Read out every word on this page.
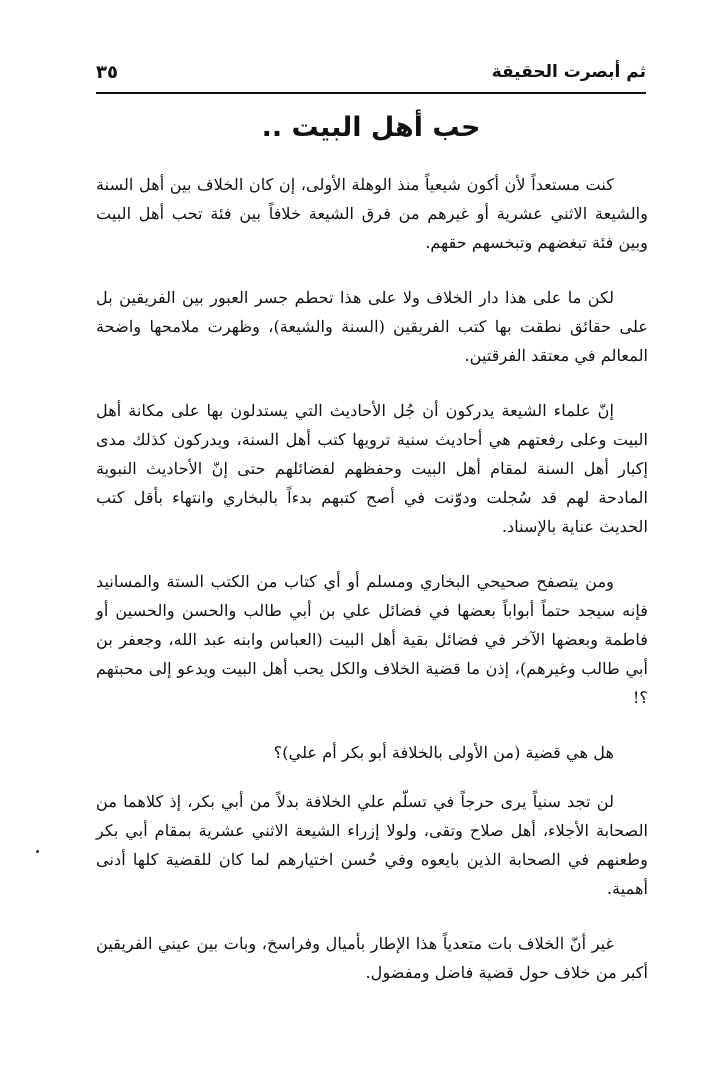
ثم أبصرت الحقيقة
٣٥
حب أهل البيت ..

كنت مستعداً لأن أكون شيعياً منذ الوهلة الأولى، إن كان الخلاف بين أهل السنة والشيعة الاثني عشرية أو غيرهم من فرق الشيعة خلافاً بين فئة تحب أهل البيت وبين فئة تبغضهم وتبخسهم حقهم.

لكن ما على هذا دار الخلاف ولا على هذا تحطم جسر العبور بين الفريقين بل على حقائق نطقت بها كتب الفريقين (السنة والشيعة)، وظهرت ملامحها واضحة المعالم في معتقد الفرقتين.

إنّ علماء الشيعة يدركون أن جُل الأحاديث التي يستدلون بها على مكانة أهل البيت وعلى رفعتهم هي أحاديث سنية ترويها كتب أهل السنة، ويدركون كذلك مدى إكبار أهل السنة لمقام أهل البيت وحفظهم لفضائلهم حتى إنّ الأحاديث النبوية المادحة لهم قد سُجلت ودوّنت في أصح كتبهم بدءاً بالبخاري وانتهاء بأقل كتب الحديث عناية بالإسناد.

ومن يتصفح صحيحي البخاري ومسلم أو أي كتاب من الكتب الستة والمسانيد فإنه سيجد حتماً أبواباً بعضها في فضائل علي بن أبي طالب والحسن والحسين أو فاطمة وبعضها الآخر في فضائل بقية أهل البيت (العباس وابنه عبد الله، وجعفر بن أبي طالب وغيرهم)، إذن ما قضية الخلاف والكل يحب أهل البيت ويدعو إلى محبتهم ؟!

هل هي قضية (من الأولى بالخلافة أبو بكر أم علي)؟

لن تجد سنياً يرى حرجاً في تسلّم علي الخلافة بدلاً من أبي بكر، إذ كلاهما من الصحابة الأجلاء، أهل صلاح وتقى، ولولا إزراء الشيعة الاثني عشرية بمقام أبي بكر وطعنهم في الصحابة الذين بايعوه وفي حُسن اختيارهم لما كان للقضية كلها أدنى أهمية.

غير أنّ الخلاف بات متعدياً هذا الإطار بأميال وفراسخ، وبات بين عيني الفريقين أكبر من خلاف حول قضية فاضل ومفضول.
